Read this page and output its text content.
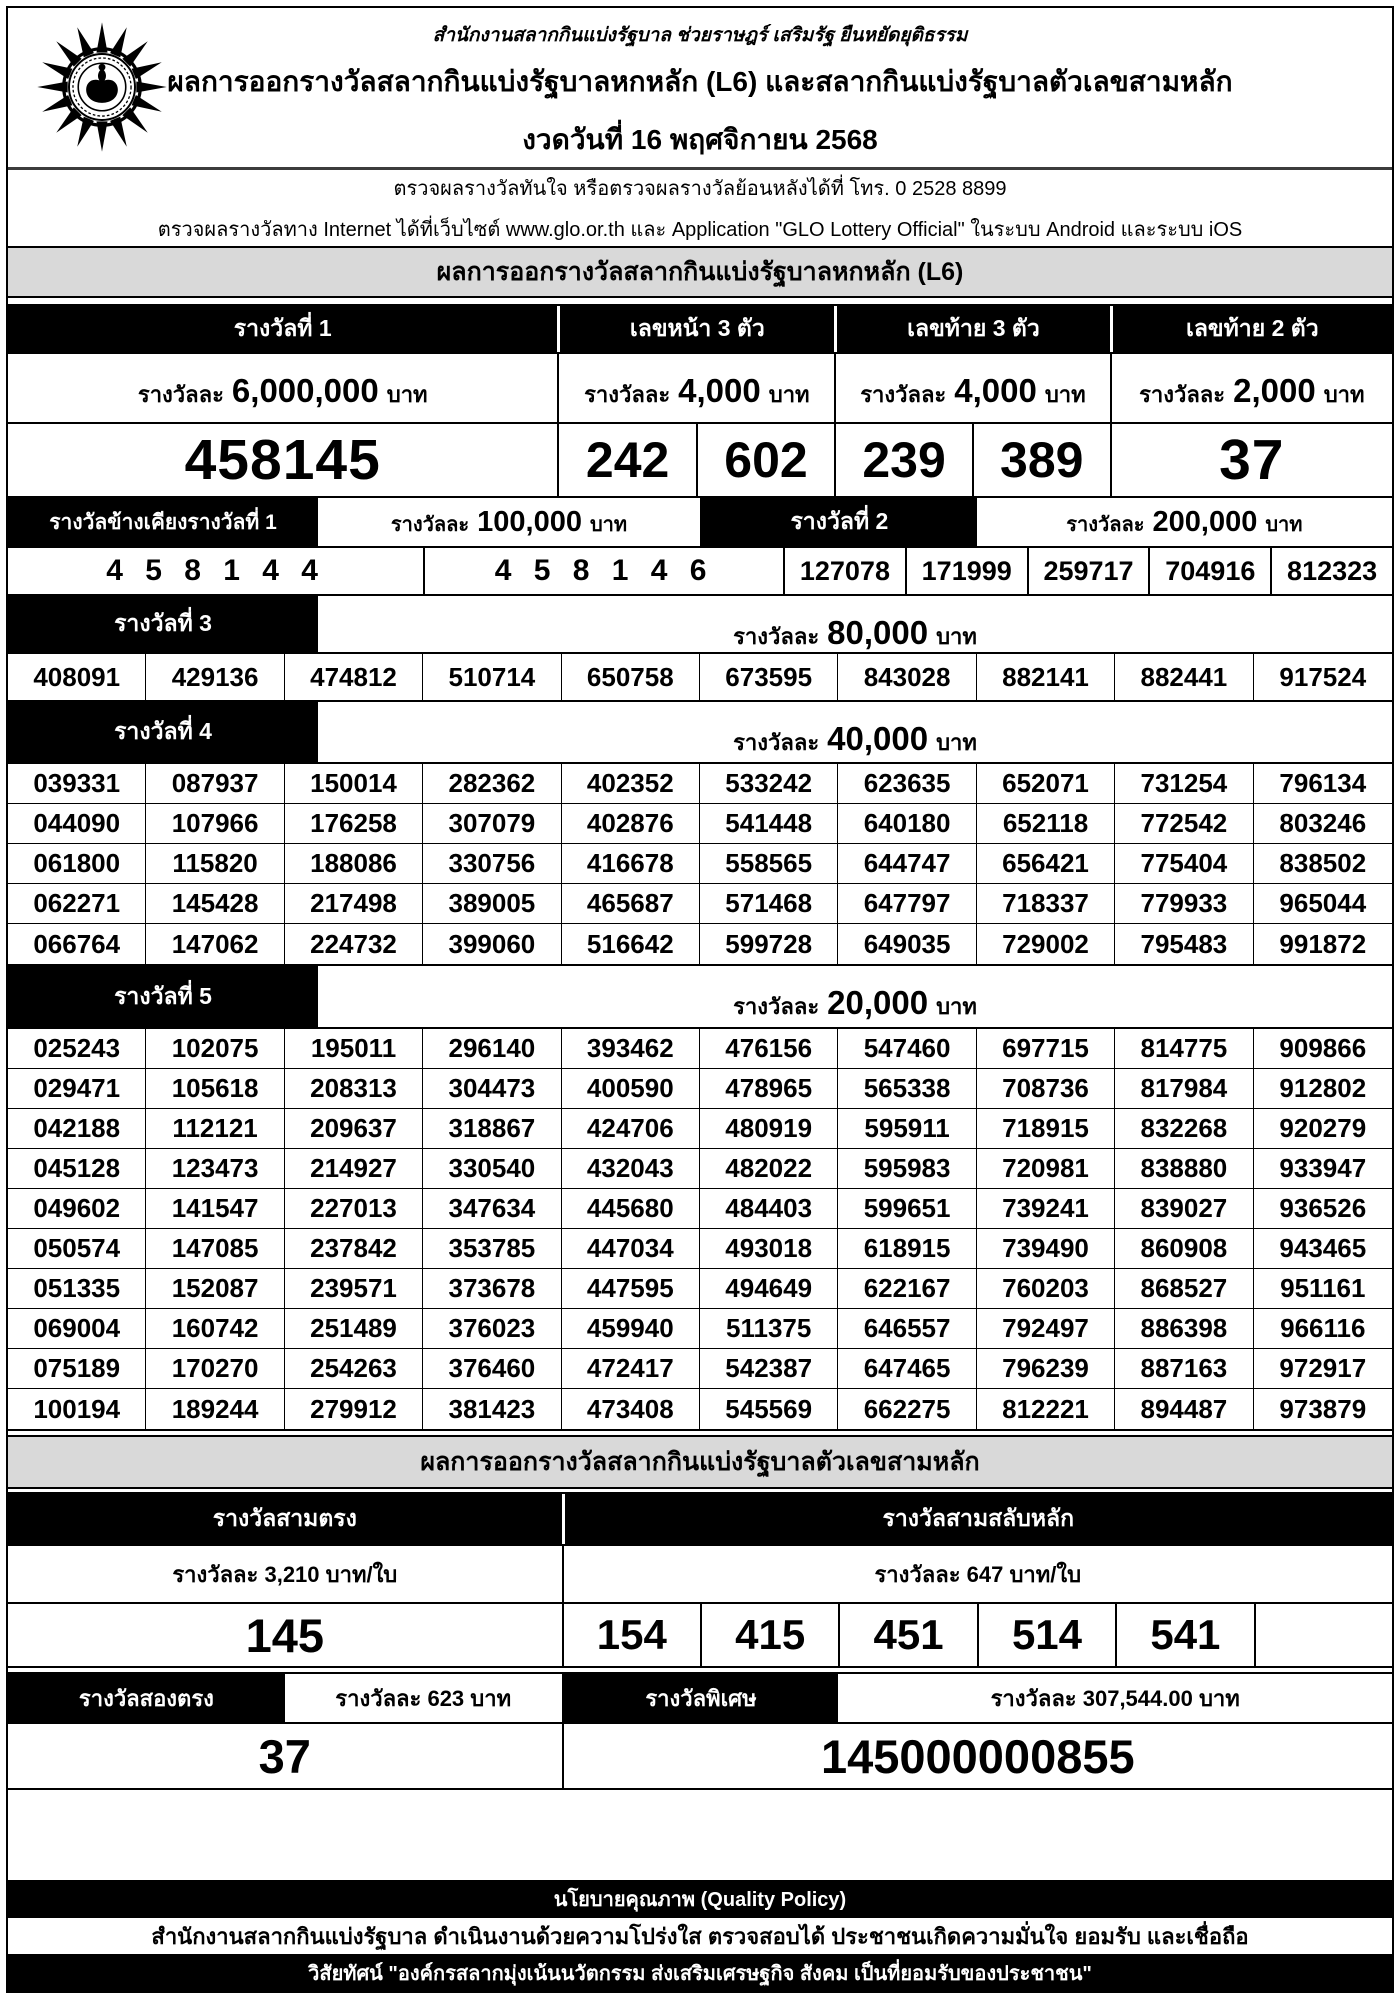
สำนักงานสลากกินแบ่งรัฐบาล ช่วยราษฎร์ เสริมรัฐ ยืนหยัดยุติธรรม
ผลการออกรางวัลสลากกินแบ่งรัฐบาลหกหลัก (L6) และสลากกินแบ่งรัฐบาลตัวเลขสามหลัก
งวดวันที่ 16 พฤศจิกายน 2568
ตรวจผลรางวัลทันใจ หรือตรวจผลรางวัลย้อนหลังได้ที่ โทร. 0 2528 8899
ตรวจผลรางวัลทาง Internet ได้ที่เว็บไซต์ www.glo.or.th และ Application "GLO Lottery Official" ในระบบ Android และระบบ iOS
ผลการออกรางวัลสลากกินแบ่งรัฐบาลหกหลัก (L6)
รางวัลที่ 1	เลขหน้า 3 ตัว	เลขท้าย 3 ตัว	เลขท้าย 2 ตัว
รางวัลละ 6,000,000 บาท	รางวัลละ 4,000 บาท รางวัลละ 4,000 บาท รางวัลละ 2,000 บาท
458145	242	602	239	389	37
รางวัลข้างเคียงรางวัลที่ 1	รางวัลละ 100,000 บาท	รางวัลที่ 2	รางวัลละ 200,000 บาท
4 5 8 1 4 4	4 5 8 1 4 6	127078	171999	259717	704916	812323
รางวัลที่ 3
รางวัลละ 80,000 บาท
408091	429136	474812	510714	650758	673595	843028	882141	882441	917524
รางวัลที่ 4	รางวัลละ 40,000 บาท
039331	087937	150014	282362	402352	533242	623635	652071	731254	796134
044090	107966	176258	307079	402876	541448	640180	652118	772542	803246
061800	115820	188086	330756	416678	558565	644747	656421	775404	838502
062271	145428	217498	389005	465687	571468	647797	718337	779933	965044
066764	147062	224732	399060	516642	599728	649035	729002	795483	991872
รางวัลที่ 5	รางวัลละ 20,000 บาท
025243	102075	195011	296140	393462	476156	547460	697715	814775	909866
029471	105618	208313	304473	400590	478965	565338	708736	817984	912802
042188	112121	209637	318867	424706	480919	595911	718915	832268	920279
045128	123473	214927	330540	432043	482022	595983	720981	838880	933947
049602	141547	227013	347634	445680	484403	599651	739241	839027	936526
050574	147085	237842	353785	447034	493018	618915	739490	860908	943465
051335	152087	239571	373678	447595	494649	622167	760203	868527	951161
069004	160742	251489	376023	459940	511375	646557	792497	886398	966116
075189	170270	254263	376460	472417	542387	647465	796239	887163	972917
100194	189244	279912	381423	473408	545569	662275	812221	894487	973879
ผลการออกรางวัลสลากกินแบ่งรัฐบาลตัวเลขสามหลัก
รางวัลสามตรง	รางวัลสามสลับหลัก
รางวัลละ 3,210 บาท/ใบ	รางวัลละ 647 บาท/ใบ
145	154	415	451	514	541
รางวัลสองตรง	รางวัลละ 623 บาท	รางวัลพิเศษ	รางวัลละ 307,544.00 บาท
37	145000000855
นโยบายคุณภาพ (Quality Policy)
สำนักงานสลากกินแบ่งรัฐบาล ดำเนินงานด้วยความโปร่งใส ตรวจสอบได้ ประชาชนเกิดความมั่นใจ ยอมรับ และเชื่อถือ
วิสัยทัศน์ "องค์กรสลากมุ่งเน้นนวัตกรรม ส่งเสริมเศรษฐกิจ สังคม เป็นที่ยอมรับของประชาชน"
